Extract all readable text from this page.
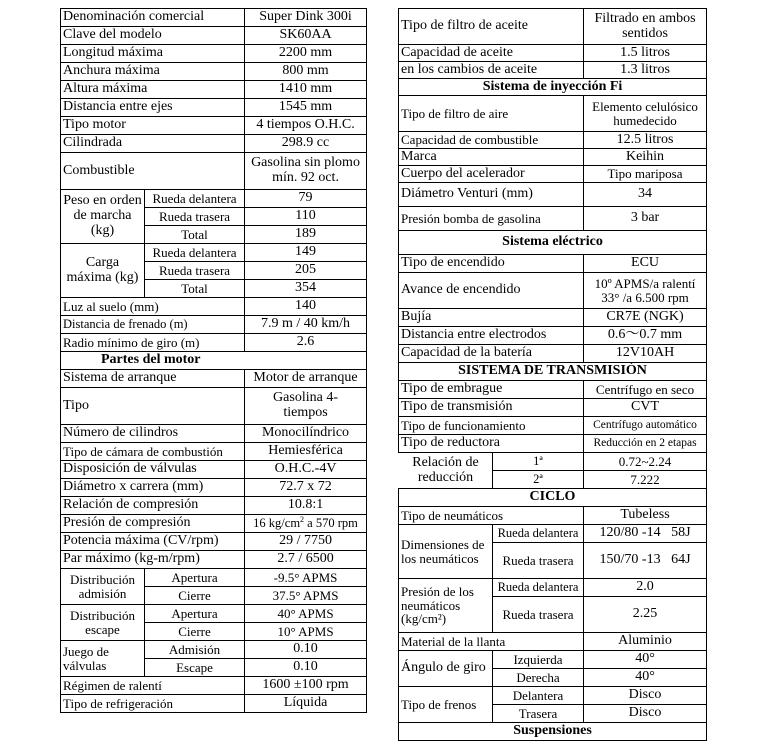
Denominación comercial		Super Dink 300i
Clave del modelo		SK60AA
Longitud máxima		2200 mm
Anchura máxima		800 mm
Altura máxima		1410 mm
Distancia entre ejes		1545 mm
Tipo motor		4 tiempos O.H.C.
Cilindrada		298.9 cc
Combustible		Gasolina sin plomo mín. 92 oct.
Peso en orden de marcha (kg)	Rueda delantera	79
	Rueda trasera	110
	Total	189
Carga máxima (kg)	Rueda delantera	149
	Rueda trasera	205
	Total	354
Luz al suelo (mm)		140
Distancia de frenado (m)		7.9 m / 40 km/h
Radio mínimo de giro (m)		2.6
Partes del motor		
Sistema de arranque		Motor de arranque
Tipo		Gasolina 4-tiempos
Número de cilindros		Monocilíndrico
Tipo de cámara de combustión		Hemiesférica
Disposición de válvulas		O.H.C.-4V
Diámetro x carrera (mm)		72.7 x 72
Relación de compresión		10.8:1
Presión de compresión		16 $kg/cm^2$ a 570 rpm
Potencia máxima (CV/rpm)		29 / 7750
Par máximo (kg-m/rpm)		2.7 / 6500
Distribución admisión	Apertura	-9.5° APMS
	Cierre	37.5° APMS
Distribución escape	Apertura	40° APMS
	Cierre	10° APMS
Juego de válvulas	Admisión	0.10
	Escape	0.10
Régimen de ralentí		1600 ±100 rpm
Tipo de refrigeración		Líquida
Tipo de filtro de aceite		Filtrado en ambos sentidos
Capacidad de aceite		1.5 litros
en los cambios de aceite		1.3 litros
Sistema de inyección Fi		
Tipo de filtro de aire		Elemento celulósico humedecido
Capacidad de combustible		12.5 litros
Marca		Keihin
Cuerpo del acelerador		Tipo mariposa
Diámetro Venturi (mm)		34
Presión bomba de gasolina		3 bar
Sistema eléctrico		
Tipo de encendido		ECU
Avance de encendido		10º APMS/a ralentí 33° /a 6.500 rpm
Bujía		CR7E (NGK)
Distancia entre electrodos		0.6～0.7 mm
Capacidad de la batería		12V10AH
SISTEMA DE TRANSMISIÓN		
Tipo de embrague		Centrífugo en seco
Tipo de transmisión		CVT
Tipo de funcionamiento		Centrífugo automático
Tipo de reductora		Reducción en 2 etapas
Relación de reducción	1ª	0.72~2.24
	2ª	7.222
CICLO		
Tipo de neumáticos		Tubeless
Dimensiones de los neumáticos	Rueda delantera	120/80 -14   58J
	Rueda trasera	150/70 -13   64J
Presión de los neumáticos (kg/cm²)	Rueda delantera	2.0
	Rueda trasera	2.25
Material de la llanta		Aluminio
Ángulo de giro	Izquierda	40°
	Derecha	40°
Tipo de frenos	Delantera	Disco
	Trasera	Disco
Suspensiones		
